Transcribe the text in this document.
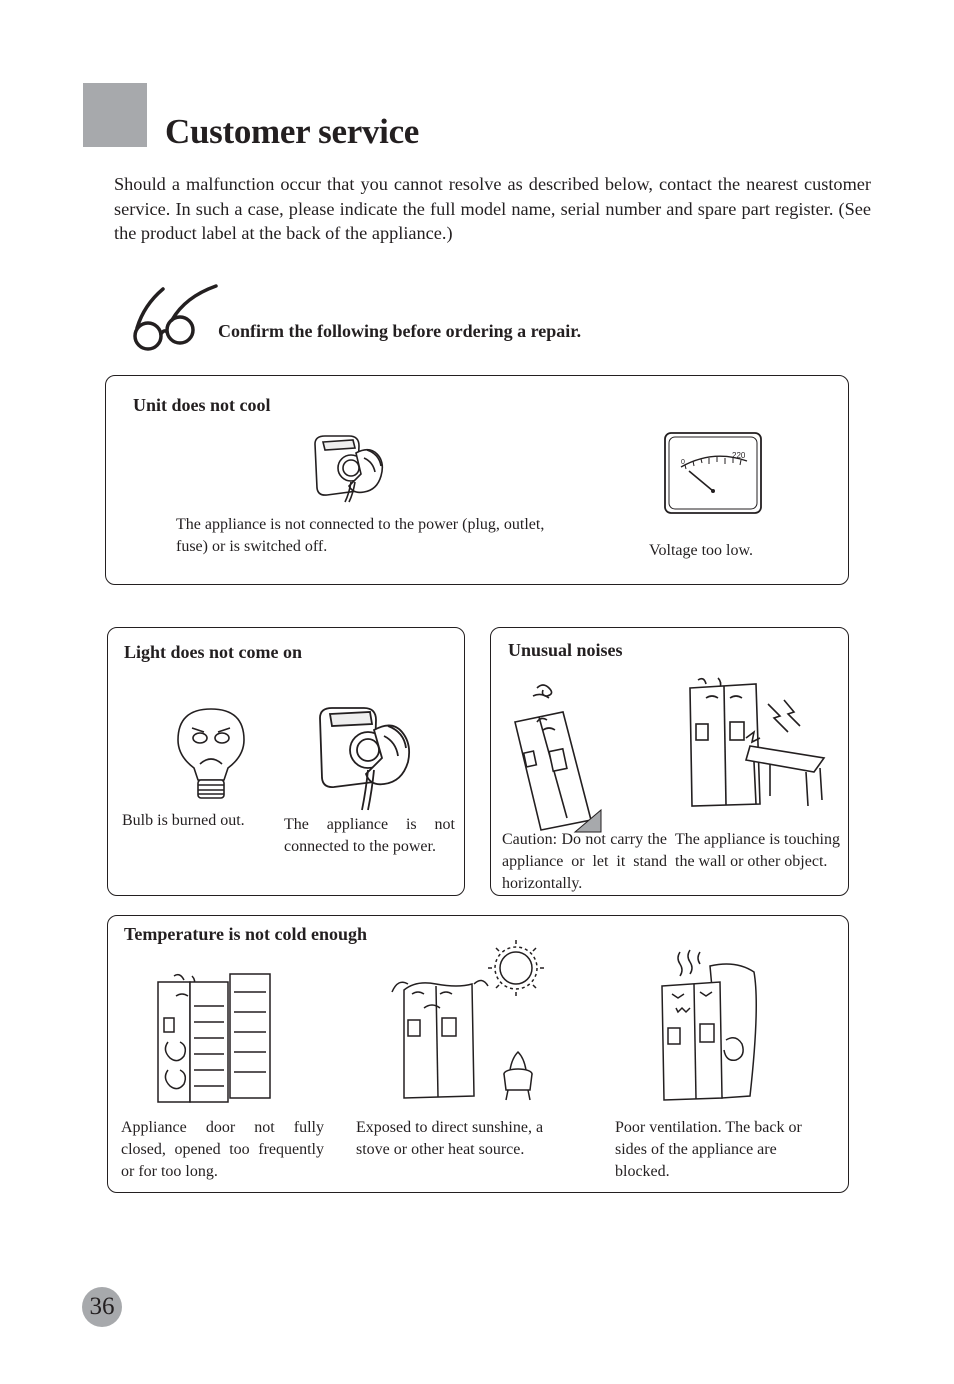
Customer service
Should a malfunction occur that you cannot resolve as described below, contact the nearest customer service. In such a case, please indicate the full model name, serial number and spare part register. (See the product label at the back of the appliance.)
Confirm the following before ordering a repair.
Unit does not cool
The appliance is not connected to the power (plug, outlet, fuse) or is switched off.
0
220
Voltage too low.
Light does not come on
Bulb is burned out.	The appliance is not connected to the power.
Unusual noises
Caution: Do not carry the appliance or let it stand horizontally.
The appliance is touching the wall or other object.
Temperature is not cold enough
Appliance door not fully closed, opened too frequently or for too long.
Exposed to direct sunshine, a stove or other heat source.
Poor ventilation. The back or sides of the appliance are blocked.
36
